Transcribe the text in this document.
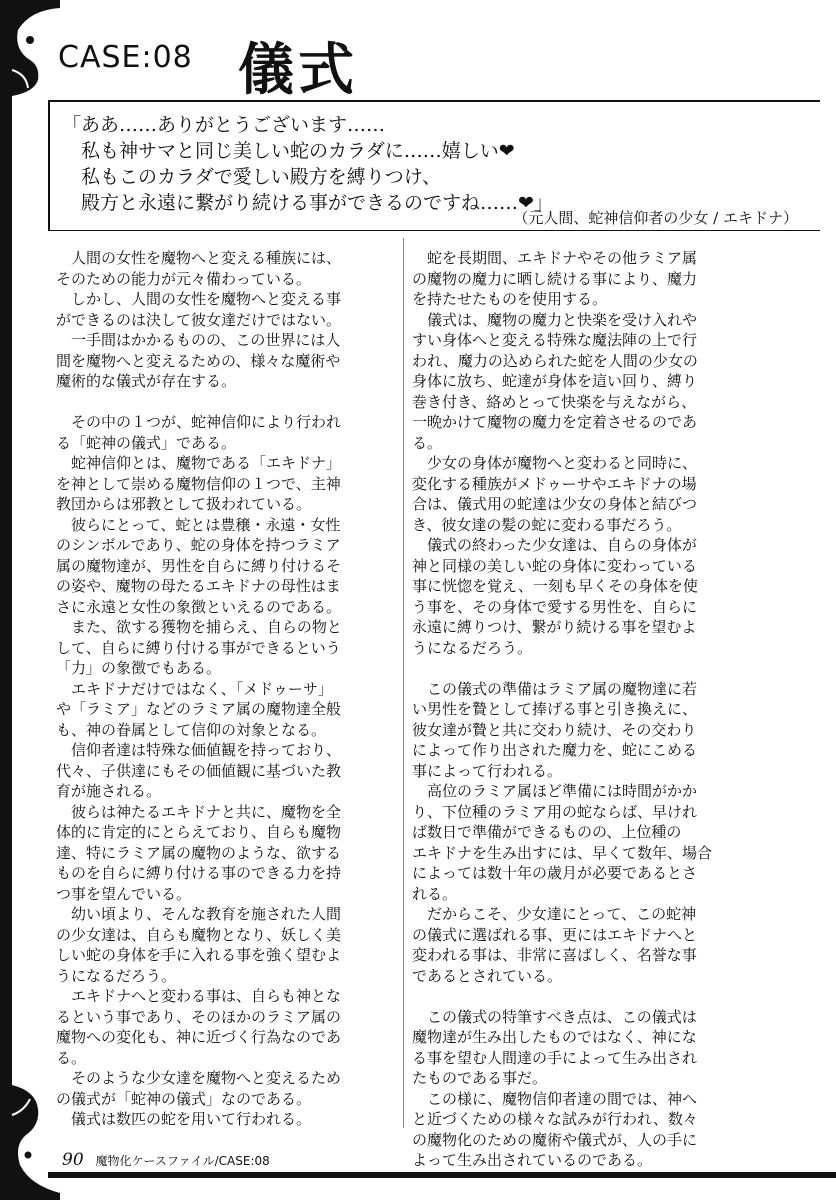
CASE:08 儀式
「ああ……ありがとうございます……
　私も神サマと同じ美しい蛇のカラダに……嬉しい❤
　私もこのカラダで愛しい殿方を縛りつけ、
　殿方と永遠に繋がり続ける事ができるのですね……❤」
（元人間、蛇神信仰者の少女 / エキドナ）
　人間の女性を魔物へと変える種族には、
そのための能力が元々備わっている。
　しかし、人間の女性を魔物へと変える事
ができるのは決して彼女達だけではない。
　一手間はかかるものの、この世界には人
間を魔物へと変えるための、様々な魔術や
魔術的な儀式が存在する。
　その中の１つが、蛇神信仰により行われ
る「蛇神の儀式」である。
　蛇神信仰とは、魔物である「エキドナ」
を神として崇める魔物信仰の１つで、主神
教団からは邪教として扱われている。
　彼らにとって、蛇とは豊穣・永遠・女性
のシンボルであり、蛇の身体を持つラミア
属の魔物達が、男性を自らに縛り付けるそ
の姿や、魔物の母たるエキドナの母性はま
さに永遠と女性の象徴といえるのである。
　また、欲する獲物を捕らえ、自らの物と
して、自らに縛り付ける事ができるという
「力」の象徴でもある。
　エキドナだけではなく、「メドゥーサ」
や「ラミア」などのラミア属の魔物達全般
も、神の眷属として信仰の対象となる。
　信仰者達は特殊な価値観を持っており、
代々、子供達にもその価値観に基づいた教
育が施される。
　彼らは神たるエキドナと共に、魔物を全
体的に肯定的にとらえており、自らも魔物
達、特にラミア属の魔物のような、欲する
ものを自らに縛り付ける事のできる力を持
つ事を望んでいる。
　幼い頃より、そんな教育を施された人間
の少女達は、自らも魔物となり、妖しく美
しい蛇の身体を手に入れる事を強く望むよ
うになるだろう。
　エキドナへと変わる事は、自らも神とな
るという事であり、そのほかのラミア属の
魔物への変化も、神に近づく行為なのであ
る。
　そのような少女達を魔物へと変えるため
の儀式が「蛇神の儀式」なのである。
　儀式は数匹の蛇を用いて行われる。
　蛇を長期間、エキドナやその他ラミア属
の魔物の魔力に晒し続ける事により、魔力
を持たせたものを使用する。
　儀式は、魔物の魔力と快楽を受け入れや
すい身体へと変える特殊な魔法陣の上で行
われ、魔力の込められた蛇を人間の少女の
身体に放ち、蛇達が身体を這い回り、縛り
巻き付き、絡めとって快楽を与えながら、
一晩かけて魔物の魔力を定着させるのであ
る。
　少女の身体が魔物へと変わると同時に、
変化する種族がメドゥーサやエキドナの場
合は、儀式用の蛇達は少女の身体と結びつ
き、彼女達の髪の蛇に変わる事だろう。
　儀式の終わった少女達は、自らの身体が
神と同様の美しい蛇の身体に変わっている
事に恍惚を覚え、一刻も早くその身体を使
う事を、その身体で愛する男性を、自らに
永遠に縛りつけ、繋がり続ける事を望むよ
うになるだろう。
　この儀式の準備はラミア属の魔物達に若
い男性を贄として捧げる事と引き換えに、
彼女達が贄と共に交わり続け、その交わり
によって作り出された魔力を、蛇にこめる
事によって行われる。
　高位のラミア属ほど準備には時間がかか
り、下位種のラミア用の蛇ならば、早けれ
ば数日で準備ができるものの、上位種の
エキドナを生み出すには、早くて数年、場合
によっては数十年の歳月が必要であるとさ
れる。
　だからこそ、少女達にとって、この蛇神
の儀式に選ばれる事、更にはエキドナへと
変われる事は、非常に喜ばしく、名誉な事
であるとされている。
　この儀式の特筆すべき点は、この儀式は
魔物達が生み出したものではなく、神にな
る事を望む人間達の手によって生み出され
たものである事だ。
　この様に、魔物信仰者達の間では、神へ
と近づくための様々な試みが行われ、数々
の魔物化のための魔術や儀式が、人の手に
よって生み出されているのである。
90 魔物化ケースファイル/CASE:08
